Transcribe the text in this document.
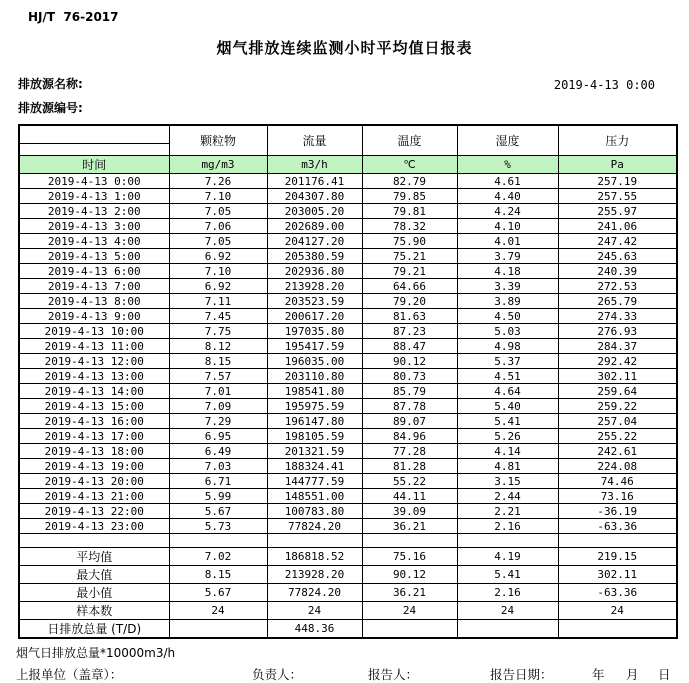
HJ/T  76-2017
烟气排放连续监测小时平均值日报表
排放源名称:	2019-4-13 0:00
排放源编号:
	颗粒物	流量	温度	湿度	压力

时间	mg/m3	m3/h	℃	%	Pa
2019-4-13 0:00	7.26	201176.41	82.79	4.61	257.19
2019-4-13 1:00	7.10	204307.80	79.85	4.40	257.55
2019-4-13 2:00	7.05	203005.20	79.81	4.24	255.97
2019-4-13 3:00	7.06	202689.00	78.32	4.10	241.06
2019-4-13 4:00	7.05	204127.20	75.90	4.01	247.42
2019-4-13 5:00	6.92	205380.59	75.21	3.79	245.63
2019-4-13 6:00	7.10	202936.80	79.21	4.18	240.39
2019-4-13 7:00	6.92	213928.20	64.66	3.39	272.53
2019-4-13 8:00	7.11	203523.59	79.20	3.89	265.79
2019-4-13 9:00	7.45	200617.20	81.63	4.50	274.33
2019-4-13 10:00	7.75	197035.80	87.23	5.03	276.93
2019-4-13 11:00	8.12	195417.59	88.47	4.98	284.37
2019-4-13 12:00	8.15	196035.00	90.12	5.37	292.42
2019-4-13 13:00	7.57	203110.80	80.73	4.51	302.11
2019-4-13 14:00	7.01	198541.80	85.79	4.64	259.64
2019-4-13 15:00	7.09	195975.59	87.78	5.40	259.22
2019-4-13 16:00	7.29	196147.80	89.07	5.41	257.04
2019-4-13 17:00	6.95	198105.59	84.96	5.26	255.22
2019-4-13 18:00	6.49	201321.59	77.28	4.14	242.61
2019-4-13 19:00	7.03	188324.41	81.28	4.81	224.08
2019-4-13 20:00	6.71	144777.59	55.22	3.15	74.46
2019-4-13 21:00	5.99	148551.00	44.11	2.44	73.16
2019-4-13 22:00	5.67	100783.80	39.09	2.21	-36.19
2019-4-13 23:00	5.73	77824.20	36.21	2.16	-63.36

平均值	7.02	186818.52	75.16	4.19	219.15
最大值	8.15	213928.20	90.12	5.41	302.11
最小值	5.67	77824.20	36.21	2.16	-63.36
样本数	24	24	24	24	24
日排放总量 (T/D)		448.36			
烟气日排放总量*10000m3/h
上报单位（盖章）：	负责人：	报告人：	报告日期：	年 月 日
